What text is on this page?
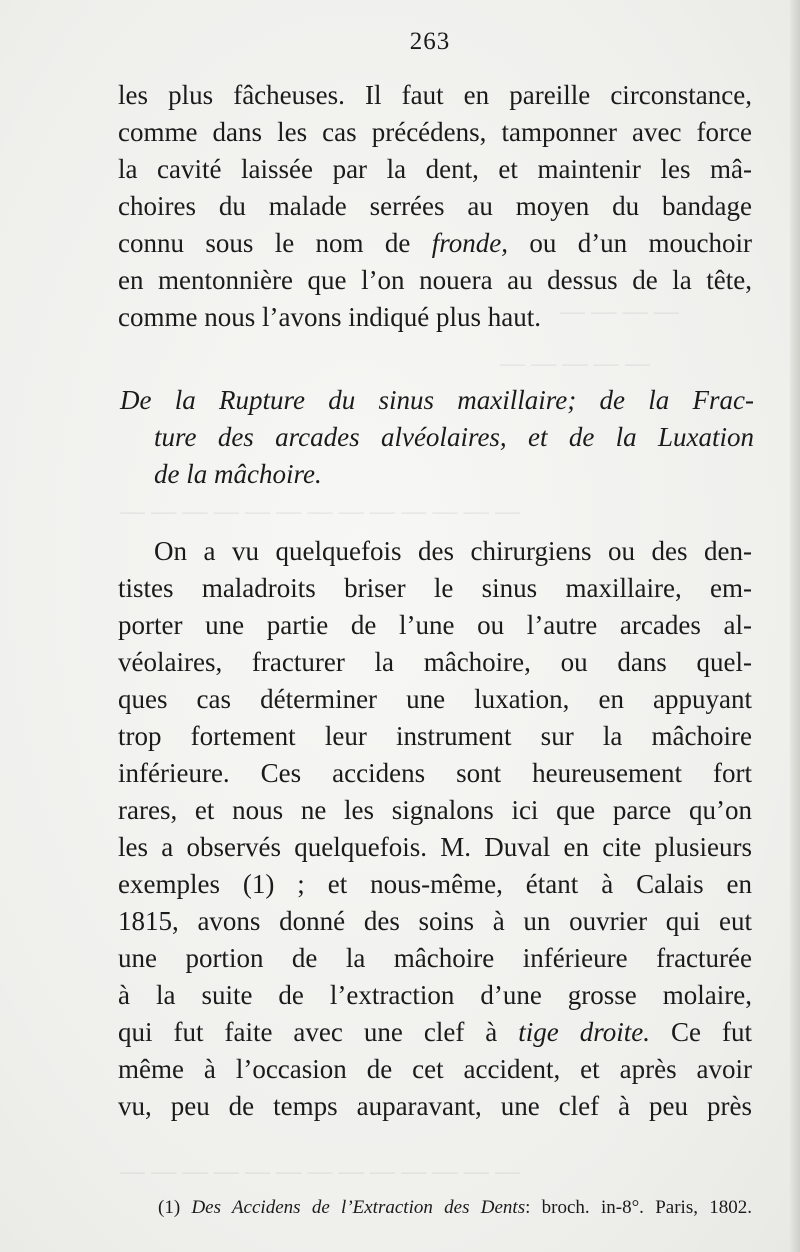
― ― ― ―
― ― ― ― ―
― ― ― ― ― ― ― ― ― ― ― ― ―
― ― ― ― ― ― ― ― ― ― ― ― ―
263
les plus fâcheuses. Il faut en pareille circonstance,
comme dans les cas précédens, tamponner avec force
la cavité laissée par la dent, et maintenir les mâ-
choires du malade serrées au moyen du bandage
connu sous le nom de fronde, ou d’un mouchoir
en mentonnière que l’on nouera au dessus de la tête,
comme nous l’avons indiqué plus haut.
De la Rupture du sinus maxillaire; de la Frac-
ture des arcades alvéolaires, et de la Luxation
de la mâchoire.
On a vu quelquefois des chirurgiens ou des den-
tistes maladroits briser le sinus maxillaire, em-
porter une partie de l’une ou l’autre arcades al-
véolaires, fracturer la mâchoire, ou dans quel-
ques cas déterminer une luxation, en appuyant
trop fortement leur instrument sur la mâchoire
inférieure. Ces accidens sont heureusement fort
rares, et nous ne les signalons ici que parce qu’on
les a observés quelquefois. M. Duval en cite plusieurs
exemples (1) ; et nous-même, étant à Calais en
1815, avons donné des soins à un ouvrier qui eut
une portion de la mâchoire inférieure fracturée
à la suite de l’extraction d’une grosse molaire,
qui fut faite avec une clef à tige droite. Ce fut
même à l’occasion de cet accident, et après avoir
vu, peu de temps auparavant, une clef à peu près
(1) Des Accidens de l’Extraction des Dents: broch. in-8°. Paris, 1802.
